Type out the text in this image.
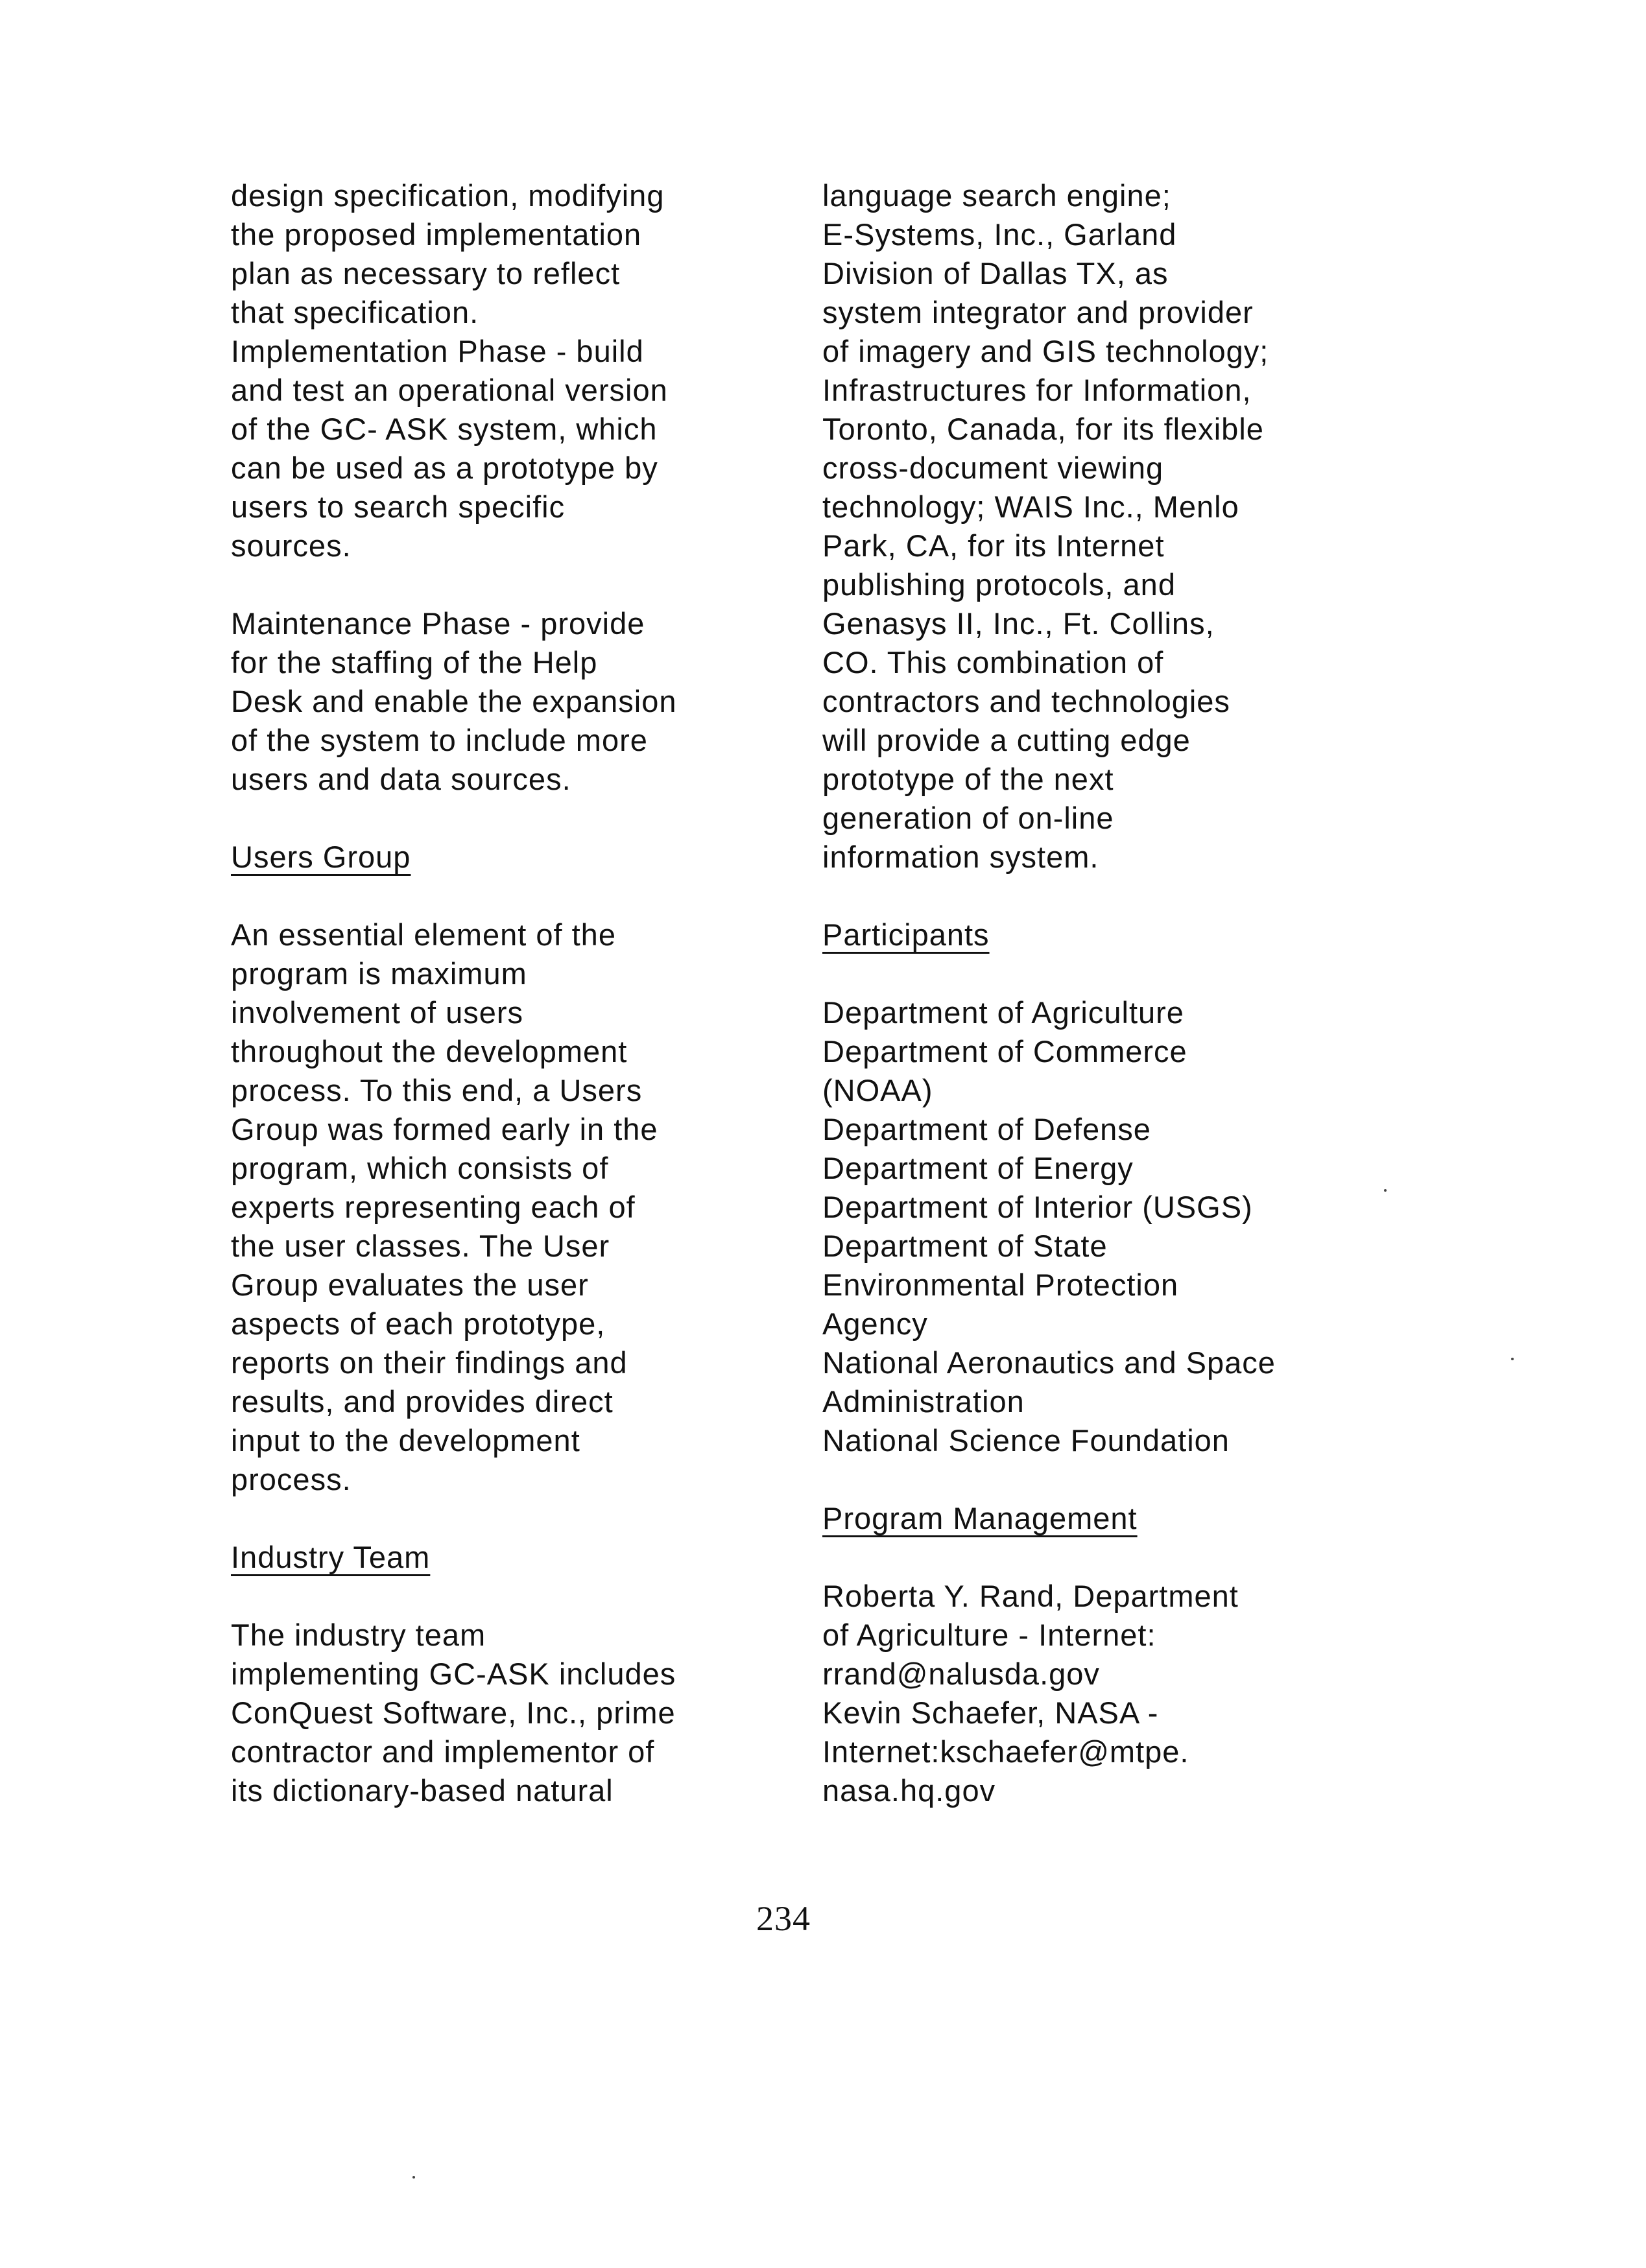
design specification, modifying
the proposed implementation
plan as necessary to reflect
that specification.
Implementation Phase - build
and test an operational version
of the GC- ASK system, which
can be used as a prototype by
users to search specific
sources.
Maintenance Phase - provide
for the staffing of the Help
Desk and enable the expansion
of the system to include more
users and data sources.
Users Group
An essential element of the
program is maximum
involvement of users
throughout the development
process. To this end, a Users
Group was formed early in the
program, which consists of
experts representing each of
the user classes. The User
Group evaluates the user
aspects of each prototype,
reports on their findings and
results, and provides direct
input to the development
process.
Industry Team
The industry team
implementing GC-ASK includes
ConQuest Software, Inc., prime
contractor and implementor of
its dictionary-based natural
language search engine;
E-Systems, Inc., Garland
Division of Dallas TX, as
system integrator and provider
of imagery and GIS technology;
Infrastructures for Information,
Toronto, Canada, for its flexible
cross-document viewing
technology; WAIS Inc., Menlo
Park, CA, for its Internet
publishing protocols, and
Genasys II, Inc., Ft. Collins,
CO. This combination of
contractors and technologies
will provide a cutting edge
prototype of the next
generation of on-line
information system.
Participants
Department of Agriculture
Department of Commerce
(NOAA)
Department of Defense
Department of Energy
Department of Interior (USGS)
Department of State
Environmental Protection
Agency
National Aeronautics and Space
Administration
National Science Foundation
Program Management
Roberta Y. Rand, Department
of Agriculture - Internet:
rrand@nalusda.gov
Kevin Schaefer, NASA -
Internet:kschaefer@mtpe.
nasa.hq.gov
234
